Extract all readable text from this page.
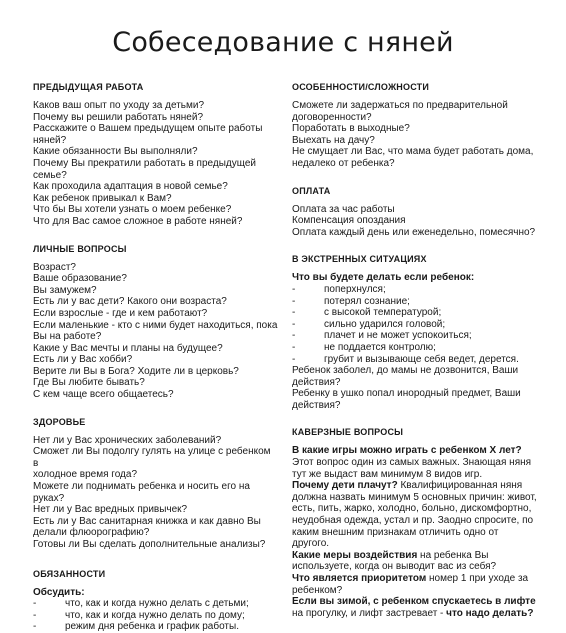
Собеседование с няней
ПРЕДЫДУЩАЯ РАБОТА
Каков ваш опыт по уходу за детьми?
Почему вы решили работать няней?
Расскажите о Вашем предыдущем опыте работы
няней?
Какие обязанности Вы выполняли?
Почему Вы прекратили работать в предыдущей
семье?
Как проходила адаптация в новой семье?
Как ребенок привыкал к Вам?
Что бы Вы хотели узнать о моем ребенке?
Что для Вас самое сложное в работе няней?
ЛИЧНЫЕ ВОПРОСЫ
Возраст?
Ваше образование?
Вы замужем?
Есть ли у вас дети? Какого они возраста?
Если взрослые - где и кем работают?
Если маленькие - кто с ними будет находиться, пока
Вы на работе?
Какие у Вас мечты и планы на будущее?
Есть ли у Вас хобби?
Верите ли Вы в Бога? Ходите ли в церковь?
Где Вы любите бывать?
С кем чаще всего общаетесь?
ЗДОРОВЬЕ
Нет ли у Вас хронических заболеваний?
Сможет ли Вы подолгу гулять на улице с ребенком в
холодное время года?
Можете ли поднимать ребенка и носить его на
руках?
Нет ли у Вас вредных привычек?
Есть ли у Вас санитарная книжка и как давно Вы
делали флюорографию?
Готовы ли Вы сделать дополнительные анализы?
ОБЯЗАННОСТИ
Обсудить:
-	что, как и когда нужно делать с детьми;
-	что, как и когда нужно делать по дому;
-	режим дня ребенка и график работы.
ОСОБЕННОСТИ/СЛОЖНОСТИ
Сможете ли задержаться по предварительной
договоренности?
Поработать в выходные?
Выехать на дачу?
Не смущает ли Вас, что мама будет работать дома,
недалеко от ребенка?
ОПЛАТА
Оплата за час работы
Компенсация опоздания
Оплата каждый день или еженедельно, помесячно?
В ЭКСТРЕННЫХ СИТУАЦИЯХ
Что вы будете делать если ребенок:
-	поперхнулся;
-	потерял сознание;
-	с высокой температурой;
-	сильно ударился головой;
-	плачет и не может успокоиться;
-	не поддается контролю;
-	грубит и вызывающе себя ведет, дерется.
Ребенок заболел, до мамы не дозвонится, Ваши
действия?
Ребенку в ушко попал инородный предмет, Ваши
действия?
КАВЕРЗНЫЕ ВОПРОСЫ
В какие игры можно играть с ребенком Х лет?
Этот вопрос один из самых важных. Знающая няня
тут же выдаст вам минимум 8 видов игр.
Почему дети плачут? Квалифицированная няня
должна назвать минимум 5 основных причин: живот,
есть, пить, жарко, холодно, больно, дискомфортно,
неудобная одежда, устал и пр. Заодно спросите, по
каким внешним признакам отличить одно от
другого.
Какие меры воздействия на ребенка Вы
используете, когда он выводит вас из себя?
Что является приоритетом номер 1 при уходе за
ребенком?
Если вы зимой, с ребенком спускаетесь в лифте
на прогулку, и лифт застревает - что надо делать?
